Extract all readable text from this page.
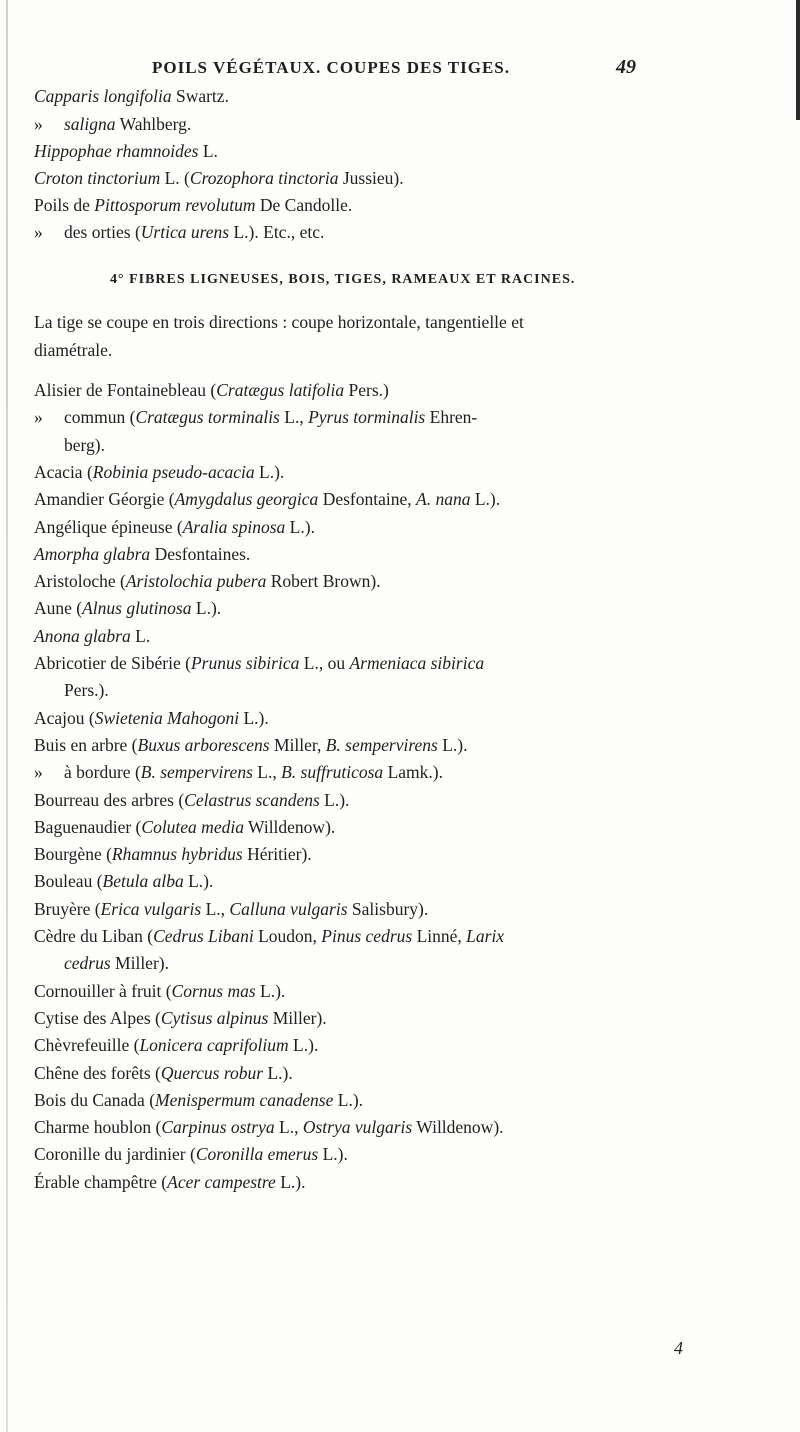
POILS VÉGÉTAUX. COUPES DES TIGES.	49
Capparis longifolia Swartz.
» saligna Wahlberg.
Hippophae rhamnoides L.
Croton tinctorium L. (Crozophora tinctoria Jussieu).
Poils de Pittosporum revolutum De Candolle.
» des orties (Urtica urens L.). Etc., etc.
4° FIBRES LIGNEUSES, BOIS, TIGES, RAMEAUX ET RACINES.
La tige se coupe en trois directions : coupe horizontale, tangentielle et
diamétrale.
Alisier de Fontainebleau (Cratægus latifolia Pers.)
» commun (Cratægus torminalis L., Pyrus torminalis Ehren-
berg).
Acacia (Robinia pseudo-acacia L.).
Amandier Géorgie (Amygdalus georgica Desfontaine, A. nana L.).
Angélique épineuse (Aralia spinosa L.).
Amorpha glabra Desfontaines.
Aristoloche (Aristolochia pubera Robert Brown).
Aune (Alnus glutinosa L.).
Anona glabra L.
Abricotier de Sibérie (Prunus sibirica L., ou Armeniaca sibirica
Pers.).
Acajou (Swietenia Mahogoni L.).
Buis en arbre (Buxus arborescens Miller, B. sempervirens L.).
» à bordure (B. sempervirens L., B. suffruticosa Lamk.).
Bourreau des arbres (Celastrus scandens L.).
Baguenaudier (Colutea media Willdenow).
Bourgène (Rhamnus hybridus Héritier).
Bouleau (Betula alba L.).
Bruyère (Erica vulgaris L., Calluna vulgaris Salisbury).
Cèdre du Liban (Cedrus Libani Loudon, Pinus cedrus Linné, Larix
cedrus Miller).
Cornouiller à fruit (Cornus mas L.).
Cytise des Alpes (Cytisus alpinus Miller).
Chèvrefeuille (Lonicera caprifolium L.).
Chêne des forêts (Quercus robur L.).
Bois du Canada (Menispermum canadense L.).
Charme houblon (Carpinus ostrya L., Ostrya vulgaris Willdenow).
Coronille du jardinier (Coronilla emerus L.).
Érable champêtre (Acer campestre L.).
4
